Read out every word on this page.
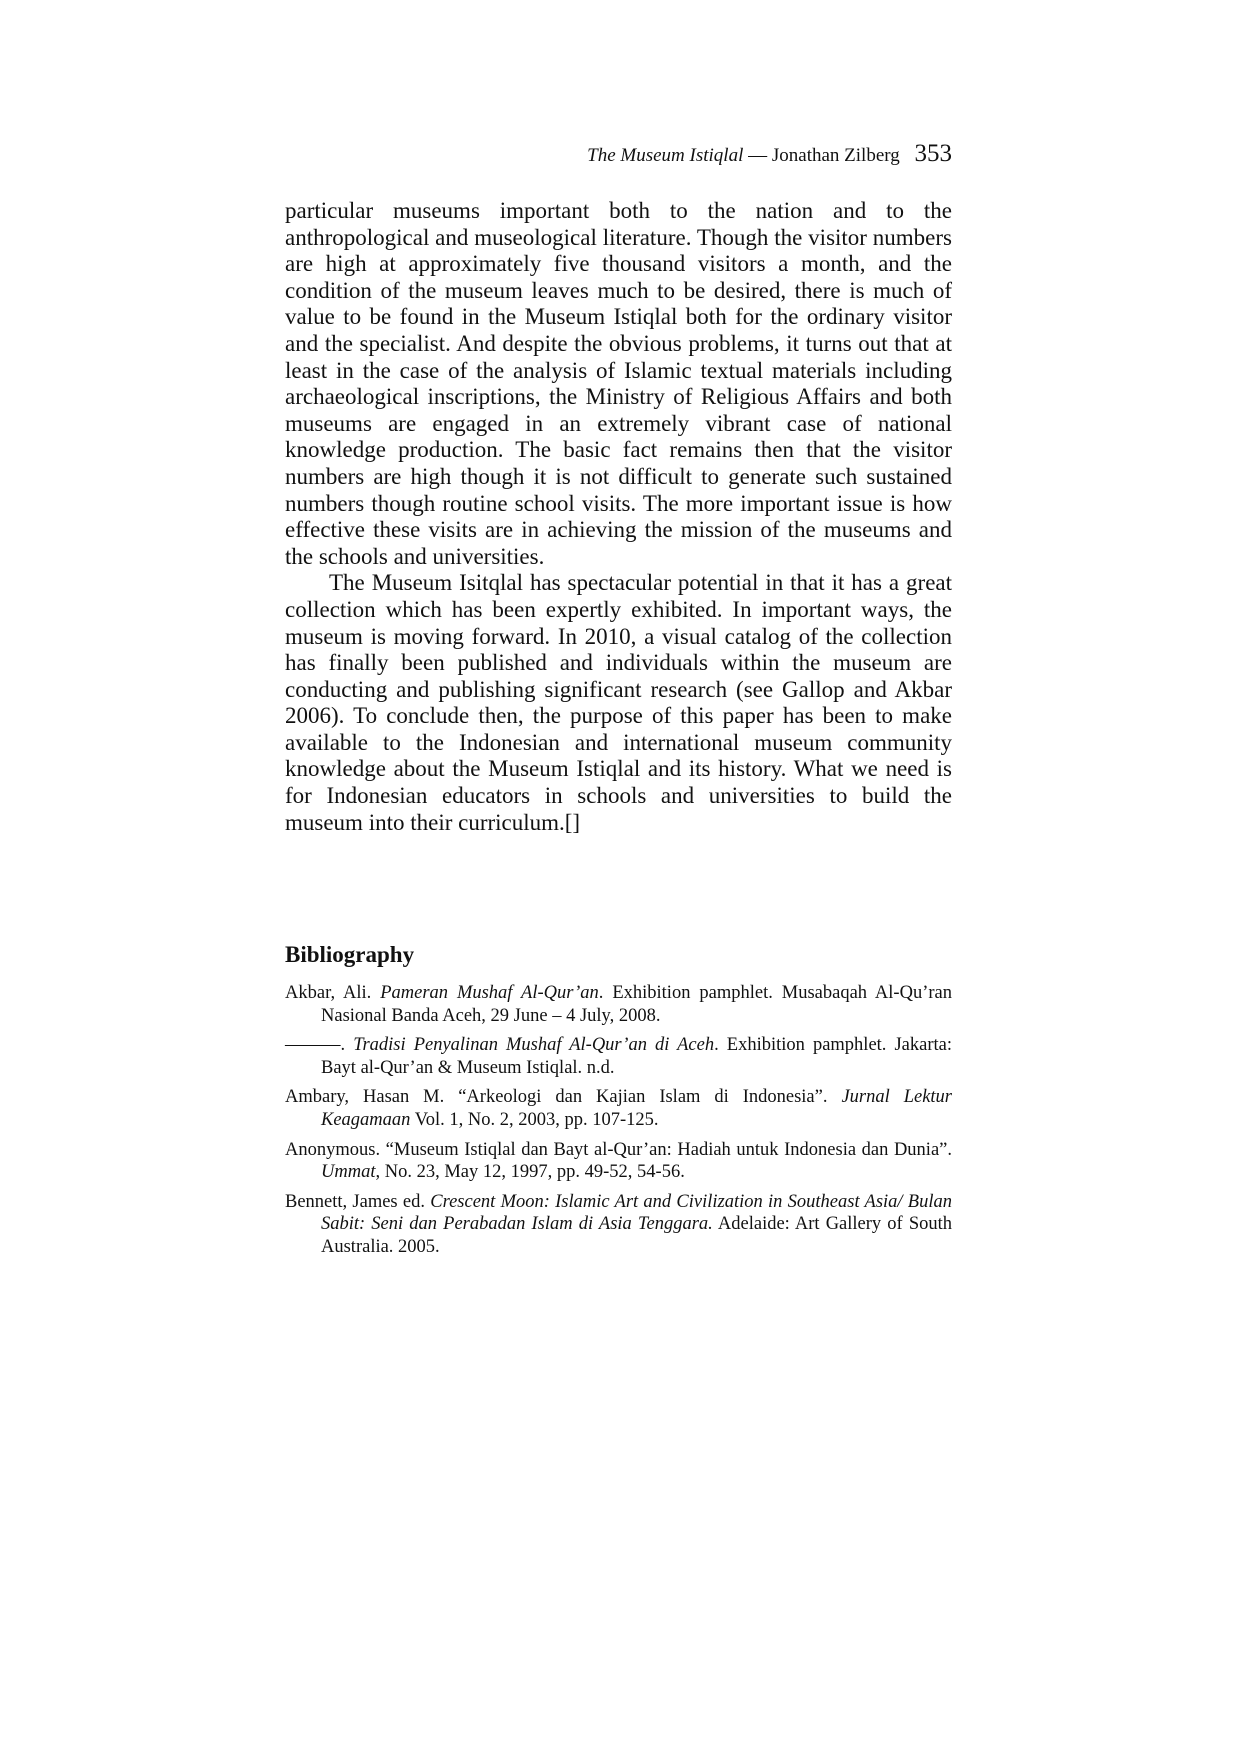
The Museum Istiqlal — Jonathan Zilberg 353

particular museums important both to the nation and to the anthropological and museological literature. Though the visitor numbers are high at approximately five thousand visitors a month, and the condition of the museum leaves much to be desired, there is much of value to be found in the Museum Istiqlal both for the ordinary visitor and the specialist. And despite the obvious problems, it turns out that at least in the case of the analysis of Islamic textual materials including archaeological inscriptions, the Ministry of Religious Affairs and both museums are engaged in an extremely vibrant case of national knowledge production. The basic fact remains then that the visitor numbers are high though it is not difficult to generate such sustained numbers though routine school visits. The more important issue is how effective these visits are in achieving the mission of the museums and the schools and universities.

The Museum Isitqlal has spectacular potential in that it has a great collection which has been expertly exhibited. In important ways, the museum is moving forward. In 2010, a visual catalog of the collection has finally been published and individuals within the museum are conducting and publishing significant research (see Gallop and Akbar 2006). To conclude then, the purpose of this paper has been to make available to the Indonesian and international museum community knowledge about the Museum Istiqlal and its history. What we need is for Indonesian educators in schools and universities to build the museum into their curriculum.[]

Bibliography

Akbar, Ali. Pameran Mushaf Al-Qur’an. Exhibition pamphlet. Musabaqah Al-Qu’ran Nasional Banda Aceh, 29 June – 4 July, 2008.

———. Tradisi Penyalinan Mushaf Al-Qur’an di Aceh. Exhibition pamphlet. Jakarta: Bayt al-Qur’an & Museum Istiqlal. n.d.

Ambary, Hasan M. “Arkeologi dan Kajian Islam di Indonesia”. Jurnal Lektur Keagamaan Vol. 1, No. 2, 2003, pp. 107-125.

Anonymous. “Museum Istiqlal dan Bayt al-Qur’an: Hadiah untuk Indonesia dan Dunia”. Ummat, No. 23, May 12, 1997, pp. 49-52, 54-56.

Bennett, James ed. Crescent Moon: Islamic Art and Civilization in Southeast Asia/ Bulan Sabit: Seni dan Perabadan Islam di Asia Tenggara. Adelaide: Art Gallery of South Australia. 2005.
